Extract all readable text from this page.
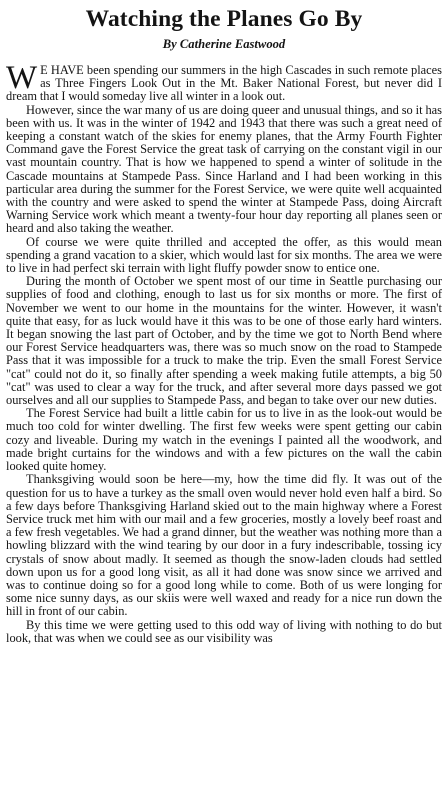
Watching the Planes Go By
By Catherine Eastwood

W E HAVE been spending our summers in the high Cascades in such remote places as Three Fingers Look Out in the Mt. Baker National Forest, but never did I dream that I would someday live all winter in a look out.

However, since the war many of us are doing queer and unusual things, and so it has been with us. It was in the winter of 1942 and 1943 that there was such a great need of keeping a constant watch of the skies for enemy planes, that the Army Fourth Fighter Command gave the Forest Service the great task of carrying on the constant vigil in our vast mountain country. That is how we happened to spend a winter of solitude in the Cascade mountains at Stampede Pass. Since Harland and I had been working in this particular area during the summer for the Forest Service, we were quite well acquainted with the country and were asked to spend the winter at Stampede Pass, doing Aircraft Warning Service work which meant a twenty-four hour day reporting all planes seen or heard and also taking the weather.

Of course we were quite thrilled and accepted the offer, as this would mean spending a grand vacation to a skier, which would last for six months. The area we were to live in had perfect ski terrain with light fluffy powder snow to entice one.

During the month of October we spent most of our time in Seattle purchasing our supplies of food and clothing, enough to last us for six months or more. The first of November we went to our home in the mountains for the winter. However, it wasn't quite that easy, for as luck would have it this was to be one of those early hard winters. It began snowing the last part of October, and by the time we got to North Bend where our Forest Service headquarters was, there was so much snow on the road to Stampede Pass that it was impossible for a truck to make the trip. Even the small Forest Service "cat" could not do it, so finally after spending a week making futile attempts, a big 50 "cat" was used to clear a way for the truck, and after several more days passed we got ourselves and all our supplies to Stampede Pass, and began to take over our new duties.

The Forest Service had built a little cabin for us to live in as the look-out would be much too cold for winter dwelling. The first few weeks were spent getting our cabin cozy and liveable. During my watch in the evenings I painted all the woodwork, and made bright curtains for the windows and with a few pictures on the wall the cabin looked quite homey.

Thanksgiving would soon be here—my, how the time did fly. It was out of the question for us to have a turkey as the small oven would never hold even half a bird. So a few days before Thanksgiving Harland skied out to the main highway where a Forest Service truck met him with our mail and a few groceries, mostly a lovely beef roast and a few fresh vegetables. We had a grand dinner, but the weather was nothing more than a howling blizzard with the wind tearing by our door in a fury indescribable, tossing icy crystals of snow about madly. It seemed as though the snow-laden clouds had settled down upon us for a good long visit, as all it had done was snow since we arrived and was to continue doing so for a good long while to come. Both of us were longing for some nice sunny days, as our skiis were well waxed and ready for a nice run down the hill in front of our cabin.

By this time we were getting used to this odd way of living with nothing to do but look, that was when we could see as our visibility was
